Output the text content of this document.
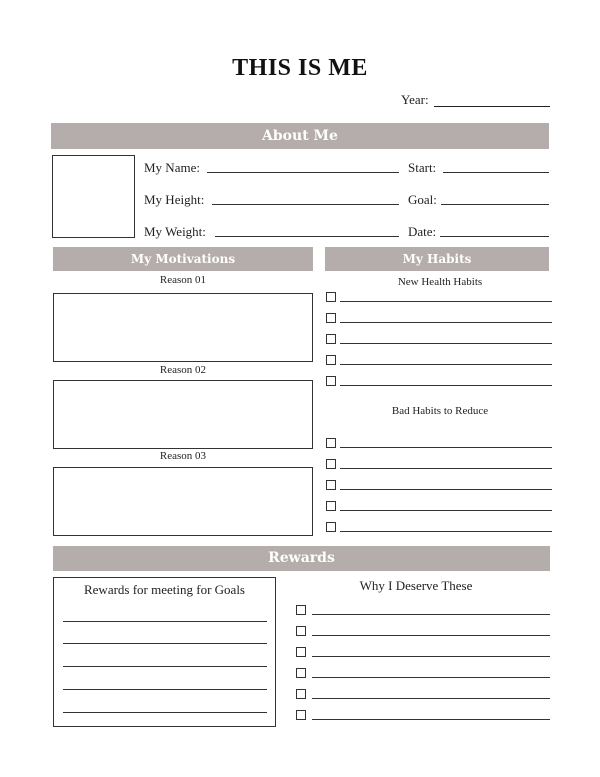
THIS IS ME
Year:
About Me
My Name:	Start:
My Height:	Goal:
My Weight:	Date:
My Motivations
Reason 01
Reason 02
Reason 03
My Habits
New Health Habits
Bad Habits to Reduce
Rewards
Rewards for meeting for Goals	Why I Deserve These
